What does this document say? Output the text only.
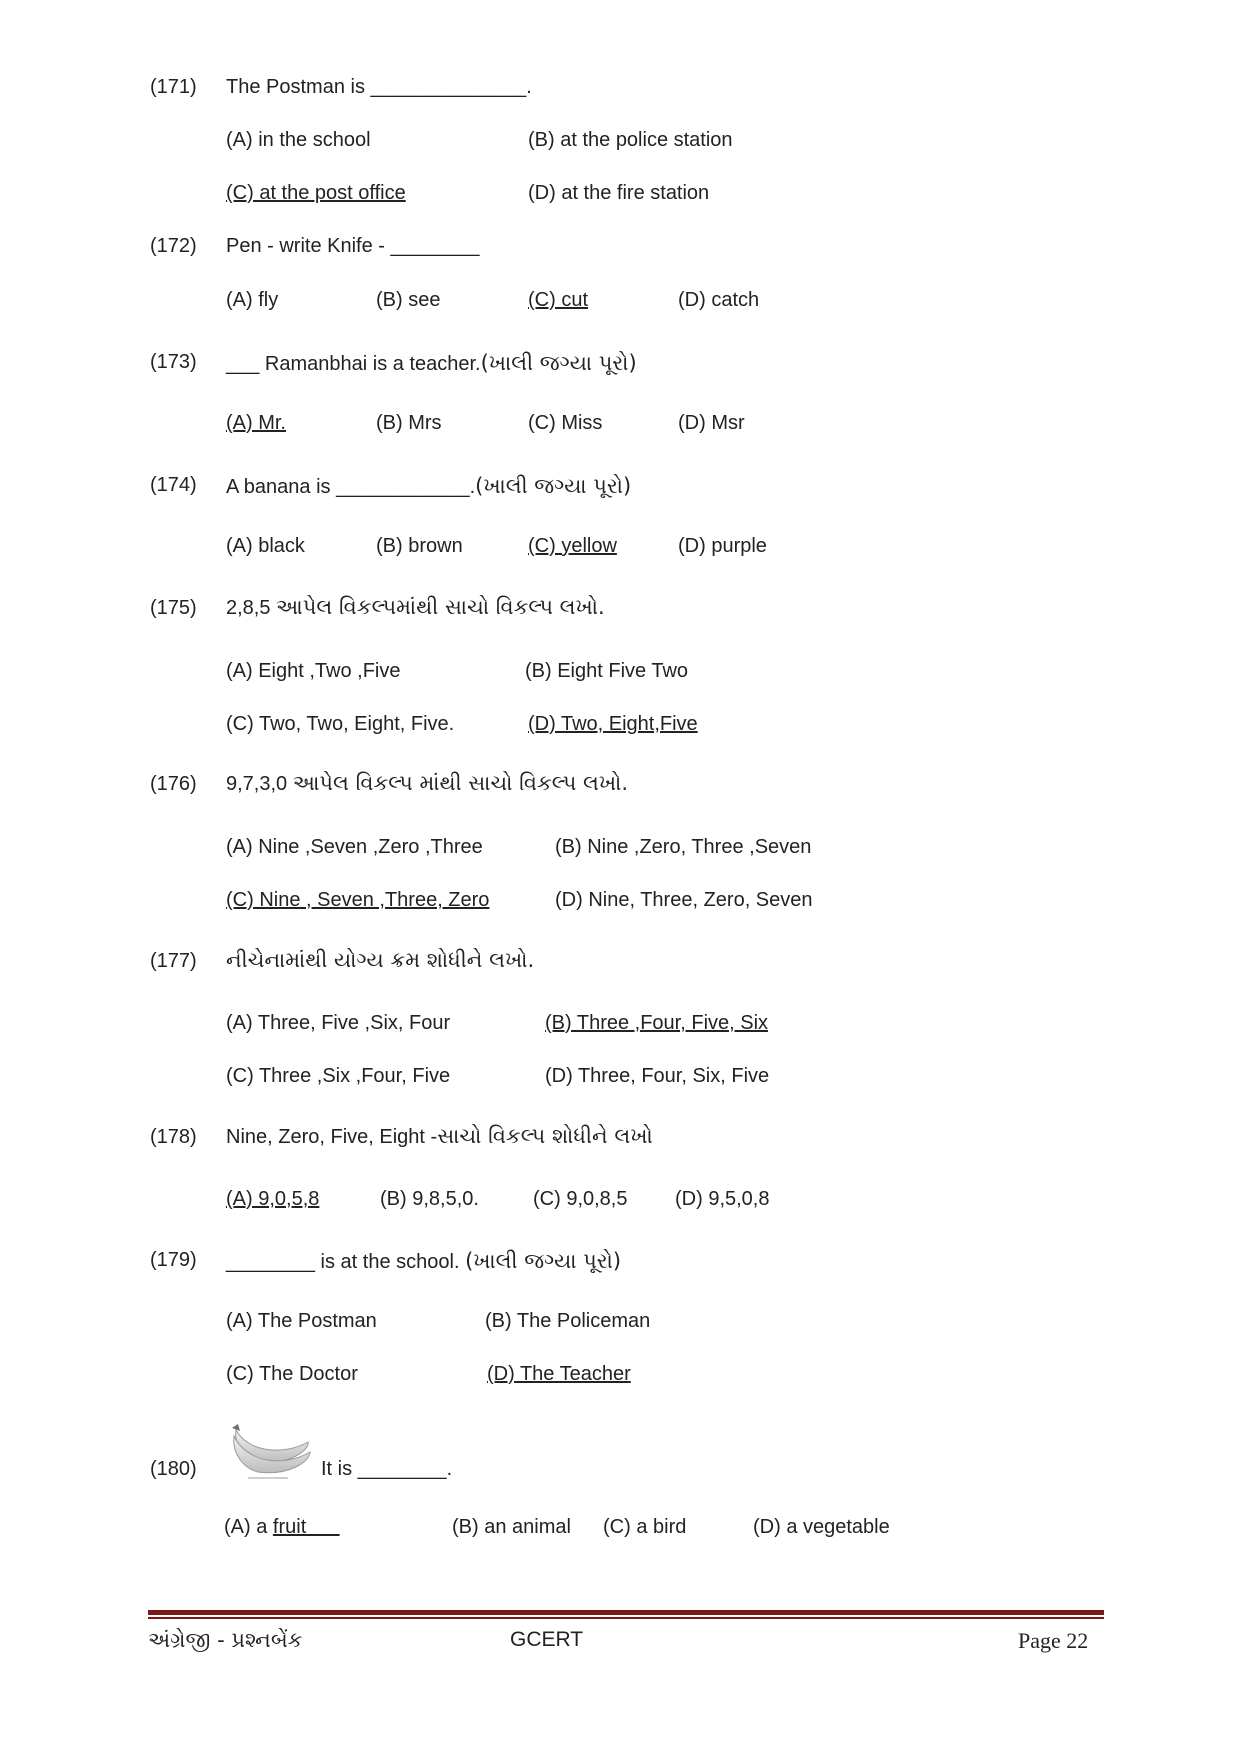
(171) The Postman is ______________.
(A) in the school	(B) at the police station
(C) at the post office	(D) at the fire station
(172) Pen - write Knife - ________
(A) fly	(B) see	(C) cut	(D) catch
(173) ___ Ramanbhai is a teacher.(ખાલી જગ્યા પૂરો)
(A) Mr.	(B) Mrs	(C) Miss	(D) Msr
(174) A banana is ____________.(ખાલી જગ્યા પૂરો)
(A) black	(B) brown	(C) yellow	(D) purple
(175) 2,8,5 આપેલ વિકલ્પમાંથી સાચો વિકલ્પ લખો.
(A) Eight ,Two ,Five	(B) Eight Five Two
(C) Two, Two, Eight, Five.	(D) Two, Eight,Five
(176) 9,7,3,0 આપેલ વિકલ્પ માંથી સાચો વિકલ્પ લખો.
(A) Nine ,Seven ,Zero ,Three	(B) Nine ,Zero, Three ,Seven
(C) Nine , Seven ,Three, Zero	(D) Nine, Three, Zero, Seven
(177) નીચેનામાંથી યોગ્ય ક્રમ શોધીને લખો.
(A) Three, Five ,Six, Four	(B) Three ,Four, Five, Six
(C) Three ,Six ,Four, Five	(D) Three, Four, Six, Five
(178) Nine, Zero, Five, Eight -સાચો વિકલ્પ શોધીને લખો
(A) 9,0,5,8	(B) 9,8,5,0.	(C) 9,0,8,5 (D) 9,5,0,8
(179) ________ is at the school. (ખાલી જગ્યા પૂરો)
(A) The Postman	(B) The Policeman
(C) The Doctor	(D) The Teacher
(180)	It is ________.
(A) a fruit	(B) an animal (C) a bird	(D) a vegetable
અંગ્રેજી - પ્રશ્નબેંક	GCERT	Page 22
